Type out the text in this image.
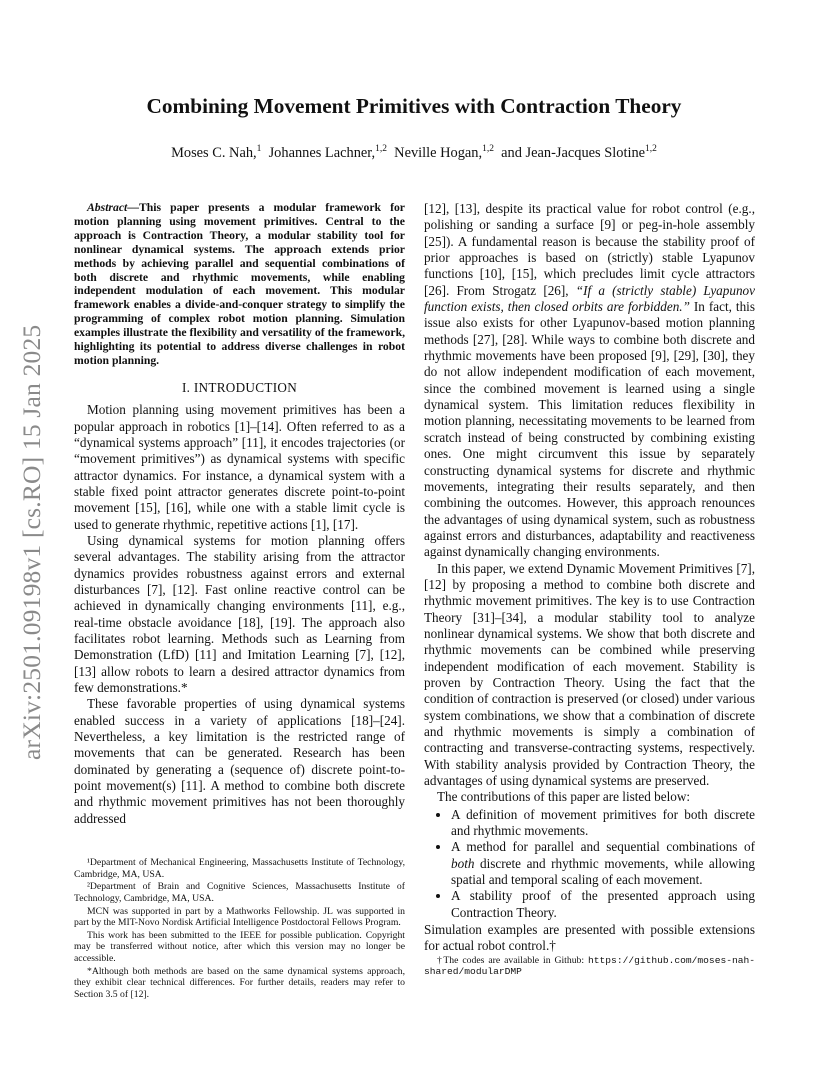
arXiv:2501.09198v1 [cs.RO] 15 Jan 2025
Combining Movement Primitives with Contraction Theory
Moses C. Nah,$^1$ Johannes Lachner,$^{1,2}$ Neville Hogan,$^{1,2}$ and Jean-Jacques Slotine$^{1,2}$

Abstract—This paper presents a modular framework for motion planning using movement primitives. Central to the approach is Contraction Theory, a modular stability tool for nonlinear dynamical systems. The approach extends prior methods by achieving parallel and sequential combinations of both discrete and rhythmic movements, while enabling independent modulation of each movement. This modular framework enables a divide-and-conquer strategy to simplify the programming of complex robot motion planning. Simulation examples illustrate the flexibility and versatility of the framework, highlighting its potential to address diverse challenges in robot motion planning.

I. INTRODUCTION

Motion planning using movement primitives has been a popular approach in robotics [1]–[14]. Often referred to as a “dynamical systems approach” [11], it encodes trajectories (or “movement primitives”) as dynamical systems with specific attractor dynamics. For instance, a dynamical system with a stable fixed point attractor generates discrete point-to-point movement [15], [16], while one with a stable limit cycle is used to generate rhythmic, repetitive actions [1], [17].

Using dynamical systems for motion planning offers several advantages. The stability arising from the attractor dynamics provides robustness against errors and external disturbances [7], [12]. Fast online reactive control can be achieved in dynamically changing environments [11], e.g., real-time obstacle avoidance [18], [19]. The approach also facilitates robot learning. Methods such as Learning from Demonstration (LfD) [11] and Imitation Learning [7], [12], [13] allow robots to learn a desired attractor dynamics from few demonstrations.*

These favorable properties of using dynamical systems enabled success in a variety of applications [18]–[24]. Nevertheless, a key limitation is the restricted range of movements that can be generated. Research has been dominated by generating a (sequence of) discrete point-to-point movement(s) [11]. A method to combine both discrete and rhythmic movement primitives has not been thoroughly addressed

¹Department of Mechanical Engineering, Massachusetts Institute of Technology, Cambridge, MA, USA.

²Department of Brain and Cognitive Sciences, Massachusetts Institute of Technology, Cambridge, MA, USA.

MCN was supported in part by a Mathworks Fellowship. JL was supported in part by the MIT-Novo Nordisk Artificial Intelligence Postdoctoral Fellows Program.

This work has been submitted to the IEEE for possible publication. Copyright may be transferred without notice, after which this version may no longer be accessible.

*Although both methods are based on the same dynamical systems approach, they exhibit clear technical differences. For further details, readers may refer to Section 3.5 of [12].

[12], [13], despite its practical value for robot control (e.g., polishing or sanding a surface [9] or peg-in-hole assembly [25]). A fundamental reason is because the stability proof of prior approaches is based on (strictly) stable Lyapunov functions [10], [15], which precludes limit cycle attractors [26]. From Strogatz [26], “If a (strictly stable) Lyapunov function exists, then closed orbits are forbidden.” In fact, this issue also exists for other Lyapunov-based motion planning methods [27], [28]. While ways to combine both discrete and rhythmic movements have been proposed [9], [29], [30], they do not allow independent modification of each movement, since the combined movement is learned using a single dynamical system. This limitation reduces flexibility in motion planning, necessitating movements to be learned from scratch instead of being constructed by combining existing ones. One might circumvent this issue by separately constructing dynamical systems for discrete and rhythmic movements, integrating their results separately, and then combining the outcomes. However, this approach renounces the advantages of using dynamical system, such as robustness against errors and disturbances, adaptability and reactiveness against dynamically changing environments.

In this paper, we extend Dynamic Movement Primitives [7], [12] by proposing a method to combine both discrete and rhythmic movement primitives. The key is to use Contraction Theory [31]–[34], a modular stability tool to analyze nonlinear dynamical systems. We show that both discrete and rhythmic movements can be combined while preserving independent modification of each movement. Stability is proven by Contraction Theory. Using the fact that the condition of contraction is preserved (or closed) under various system combinations, we show that a combination of discrete and rhythmic movements is simply a combination of contracting and transverse-contracting systems, respectively. With stability analysis provided by Contraction Theory, the advantages of using dynamical systems are preserved.

The contributions of this paper are listed below:

• A definition of movement primitives for both discrete and rhythmic movements.
• A method for parallel and sequential combinations of both discrete and rhythmic movements, while allowing spatial and temporal scaling of each movement.
• A stability proof of the presented approach using Contraction Theory.

Simulation examples are presented with possible extensions for actual robot control.†

†The codes are available in Github: https://github.com/moses-nah-shared/modularDMP
